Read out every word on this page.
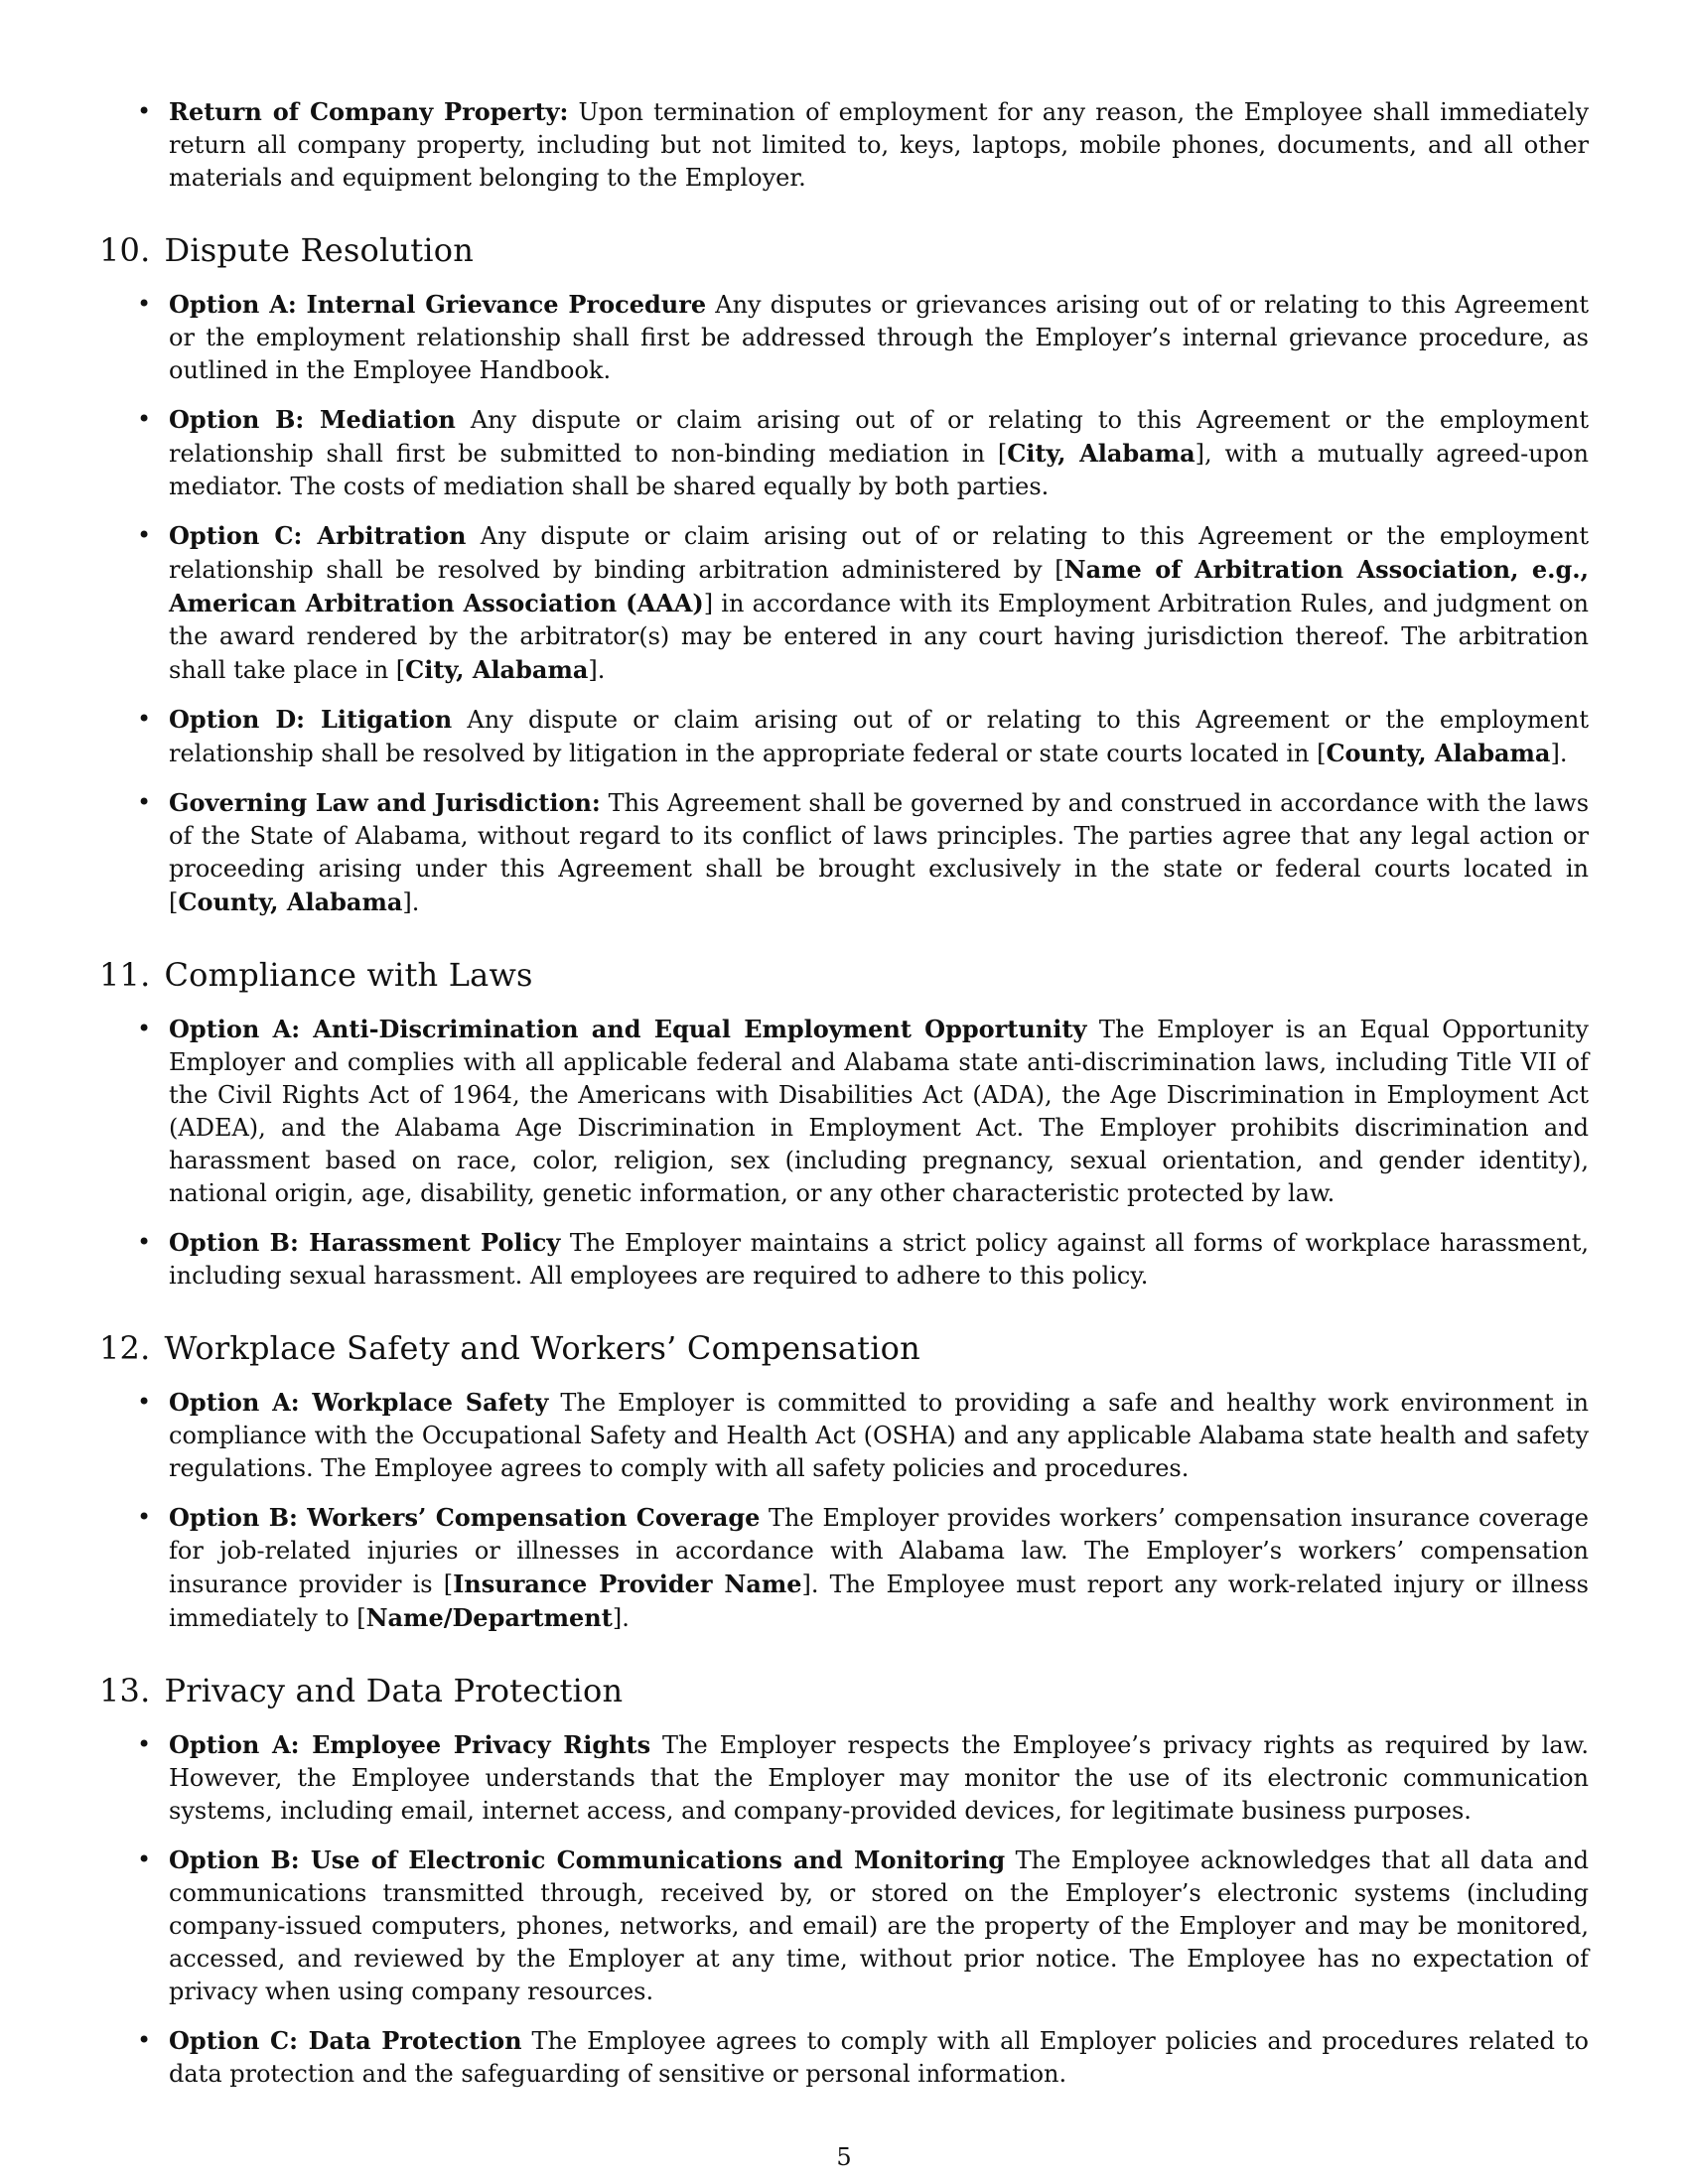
• Return of Company Property: Upon termination of employment for any reason, the Employee shall immediately return all company property, including but not limited to, keys, laptops, mobile phones, documents, and all other materials and equipment belonging to the Employer.
10. Dispute Resolution
• Option A: Internal Grievance Procedure Any disputes or grievances arising out of or relating to this Agreement or the employment relationship shall first be addressed through the Employer’s internal grievance procedure, as outlined in the Employee Handbook.
• Option B: Mediation Any dispute or claim arising out of or relating to this Agreement or the employment relationship shall first be submitted to non-binding mediation in [City, Alabama], with a mutually agreed-upon mediator. The costs of mediation shall be shared equally by both parties.
• Option C: Arbitration Any dispute or claim arising out of or relating to this Agreement or the employment relationship shall be resolved by binding arbitration administered by [Name of Arbitration Association, e.g., American Arbitration Association (AAA)] in accordance with its Employment Arbitration Rules, and judgment on the award rendered by the arbitrator(s) may be entered in any court having jurisdiction thereof. The arbitration shall take place in [City, Alabama].
• Option D: Litigation Any dispute or claim arising out of or relating to this Agreement or the employment relationship shall be resolved by litigation in the appropriate federal or state courts located in [County, Alabama].
• Governing Law and Jurisdiction: This Agreement shall be governed by and construed in accordance with the laws of the State of Alabama, without regard to its conflict of laws principles. The parties agree that any legal action or proceeding arising under this Agreement shall be brought exclusively in the state or federal courts located in [County, Alabama].
11. Compliance with Laws
• Option A: Anti-Discrimination and Equal Employment Opportunity The Employer is an Equal Opportunity Employer and complies with all applicable federal and Alabama state anti-discrimination laws, including Title VII of the Civil Rights Act of 1964, the Americans with Disabilities Act (ADA), the Age Discrimination in Employment Act (ADEA), and the Alabama Age Discrimination in Employment Act. The Employer prohibits discrimination and harassment based on race, color, religion, sex (including pregnancy, sexual orientation, and gender identity), national origin, age, disability, genetic information, or any other characteristic protected by law.
• Option B: Harassment Policy The Employer maintains a strict policy against all forms of workplace harassment, including sexual harassment. All employees are required to adhere to this policy.
12. Workplace Safety and Workers’ Compensation
• Option A: Workplace Safety The Employer is committed to providing a safe and healthy work environment in compliance with the Occupational Safety and Health Act (OSHA) and any applicable Alabama state health and safety regulations. The Employee agrees to comply with all safety policies and procedures.
• Option B: Workers’ Compensation Coverage The Employer provides workers’ compensation insurance coverage for job-related injuries or illnesses in accordance with Alabama law. The Employer’s workers’ compensation insurance provider is [Insurance Provider Name]. The Employee must report any work-related injury or illness immediately to [Name/Department].
13. Privacy and Data Protection
• Option A: Employee Privacy Rights The Employer respects the Employee’s privacy rights as required by law. However, the Employee understands that the Employer may monitor the use of its electronic communication systems, including email, internet access, and company-provided devices, for legitimate business purposes.
• Option B: Use of Electronic Communications and Monitoring The Employee acknowledges that all data and communications transmitted through, received by, or stored on the Employer’s electronic systems (including company-issued computers, phones, networks, and email) are the property of the Employer and may be monitored, accessed, and reviewed by the Employer at any time, without prior notice. The Employee has no expectation of privacy when using company resources.
• Option C: Data Protection The Employee agrees to comply with all Employer policies and procedures related to data protection and the safeguarding of sensitive or personal information.
5
